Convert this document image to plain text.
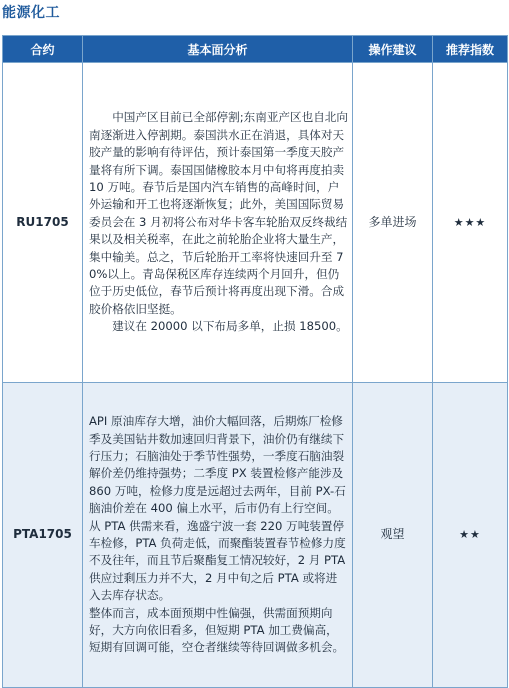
能源化工
合约	基本面分析	操作建议	推荐指数
RU1705	中国产区目前已全部停割;东南亚产区也自北向南逐渐进入停割期。泰国洪水正在消退，具体对天胶产量的影响有待评估，预计泰国第一季度天胶产量将有所下调。泰国国储橡胶本月中旬将再度拍卖 10 万吨。春节后是国内汽车销售的高峰时间，户外运输和开工也将逐渐恢复；此外，美国国际贸易委员会在 3 月初将公布对华卡客车轮胎双反终裁结果以及相关税率，在此之前轮胎企业将大量生产，集中输美。总之，节后轮胎开工率将快速回升至 70%以上。青岛保税区库存连续两个月回升，但仍位于历史低位，春节后预计将再度出现下滑。合成胶价格依旧坚挺。

建议在 20000 以下布局多单，止损 18500。	多单进场	★★★
PTA1705	API 原油库存大增，油价大幅回落，后期炼厂检修季及美国钻井数加速回归背景下，油价仍有继续下行压力；石脑油处于季节性强势，一季度石脑油裂解价差仍维持强势；二季度 PX 装置检修产能涉及 860 万吨，检修力度是远超过去两年，目前 PX-石脑油价差在 400 偏上水平，后市仍有上行空间。从 PTA 供需来看，逸盛宁波一套 220 万吨装置停车检修，PTA 负荷走低，而聚酯装置春节检修力度不及往年，而且节后聚酯复工情况较好，2 月 PTA 供应过剩压力并不大，2 月中旬之后 PTA 或将进入去库存状态。

整体而言，成本面预期中性偏强，供需面预期向好，大方向依旧看多，但短期 PTA 加工费偏高，短期有回调可能，空仓者继续等待回调做多机会。	观望	★★
